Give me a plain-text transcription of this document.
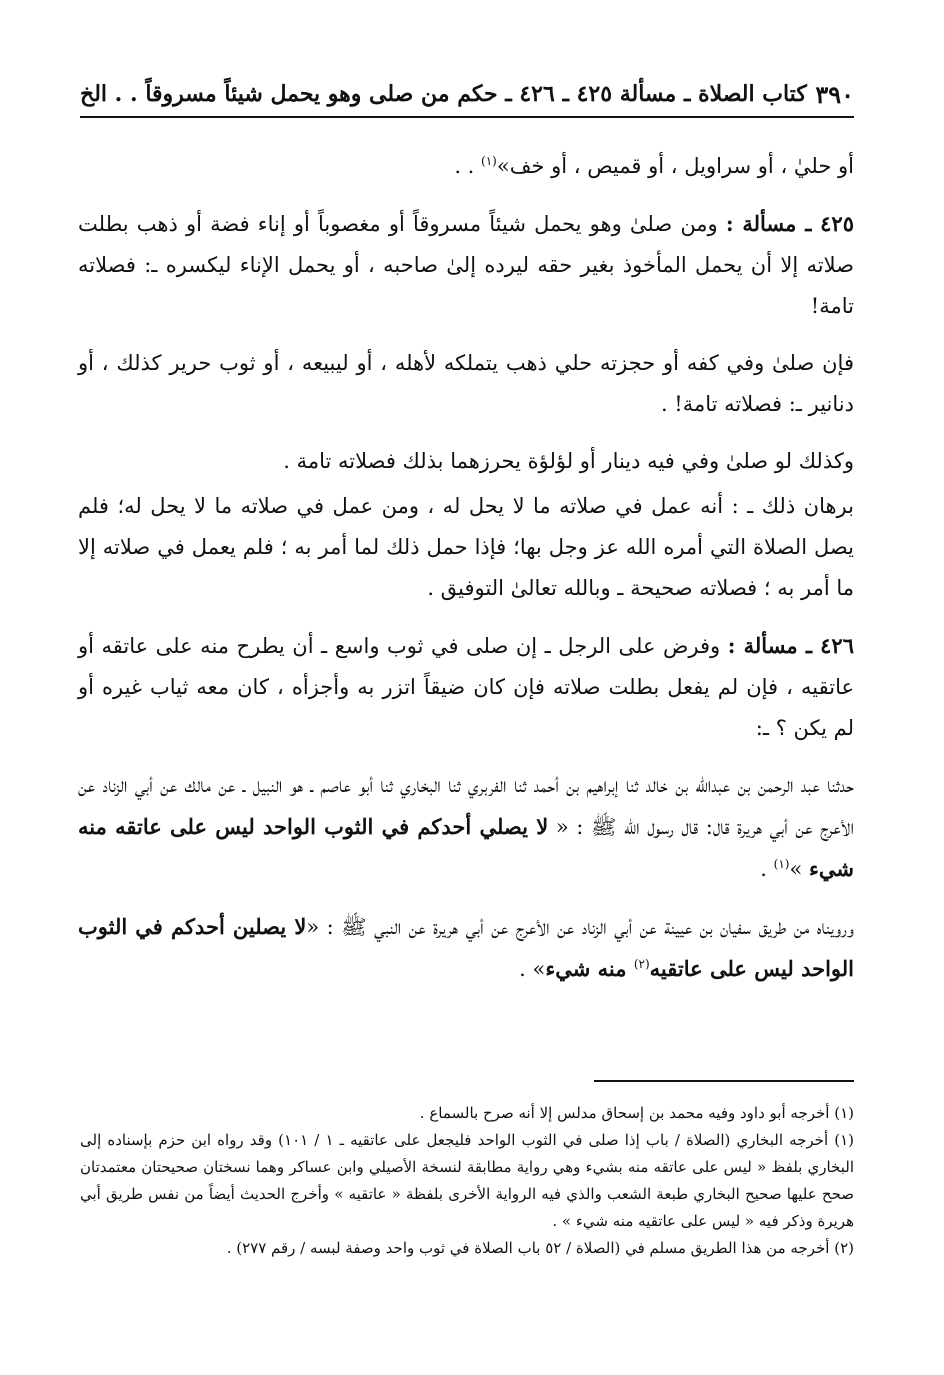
٣٩٠
كتاب الصلاة ـ مسألة ٤٢٥ ـ ٤٢٦ ـ حكم من صلى وهو يحمل شيئاً مسروقاً . . الخ

أو حليٰ ، أو سراويل ، أو قميص ، أو خف»$^{(١)}$ . .

٤٢٥ ـ مسألة : ومن صلىٰ وهو يحمل شيئاً مسروقاً أو مغصوباً أو إناء فضة أو ذهب بطلت صلاته إلا أن يحمل المأخوذ بغير حقه ليرده إلىٰ صاحبه ، أو يحمل الإناء ليكسره ـ: فصلاته تامة!

فإن صلىٰ وفي كفه أو حجزته حلي ذهب يتملكه لأهله ، أو ليبيعه ، أو ثوب حرير كذلك ، أو دنانير ـ: فصلاته تامة! .

وكذلك لو صلىٰ وفي فيه دينار أو لؤلؤة يحرزهما بذلك فصلاته تامة .

برهان ذلك ـ : أنه عمل في صلاته ما لا يحل له ، ومن عمل في صلاته ما لا يحل له؛ فلم يصل الصلاة التي أمره الله عز وجل بها؛ فإذا حمل ذلك لما أمر به ؛ فلم يعمل في صلاته إلا ما أمر به ؛ فصلاته صحيحة ـ وبالله تعالىٰ التوفيق .

٤٢٦ ـ مسألة : وفرض على الرجل ـ إن صلى في ثوب واسع ـ أن يطرح منه على عاتقه أو عاتقيه ، فإن لم يفعل بطلت صلاته فإن كان ضيقاً اتزر به وأجزأه ، كان معه ثياب غيره أو لم يكن ؟ ـ:

حدثنا عبد الرحمن بن عبدالله بن خالد ثنا إبراهيم بن أحمد ثنا الفربري ثنا البخاري ثنا أبو عاصم ـ هو النبيل ـ عن مالك عن أبي الزناد عن الأعرج عن أبي هريرة قال: قال رسول الله ﷺ : « لا يصلي أحدكم في الثوب الواحد ليس على عاتقه منه شيء »$^{(١)}$ .

ورويناه من طريق سفيان بن عيينة عن أبي الزناد عن الأعرج عن أبي هريرة عن النبي ﷺ : «لا يصلين أحدكم في الثوب الواحد ليس على عاتقيه$^{(٢)}$ منه شيء» .

(١) أخرجه أبو داود وفيه محمد بن إسحاق مدلس إلا أنه صرح بالسماع .

(١) أخرجه البخاري (الصلاة / باب إذا صلى في الثوب الواحد فليجعل على عاتقيه ـ ١ / ١٠١) وقد رواه ابن حزم بإسناده إلى البخاري بلفظ « ليس على عاتقه منه بشيء وهي رواية مطابقة لنسخة الأصيلي وابن عساكر وهما نسختان صحيحتان معتمدتان صحح عليها صحيح البخاري طبعة الشعب والذي فيه الرواية الأخرى بلفظة « عاتقيه » وأخرج الحديث أيضاً من نفس طريق أبي هريرة وذكر فيه « ليس على عاتقيه منه شيء » .

(٢) أخرجه من هذا الطريق مسلم في (الصلاة / ٥٢ باب الصلاة في ثوب واحد وصفة لبسه / رقم ٢٧٧) .
